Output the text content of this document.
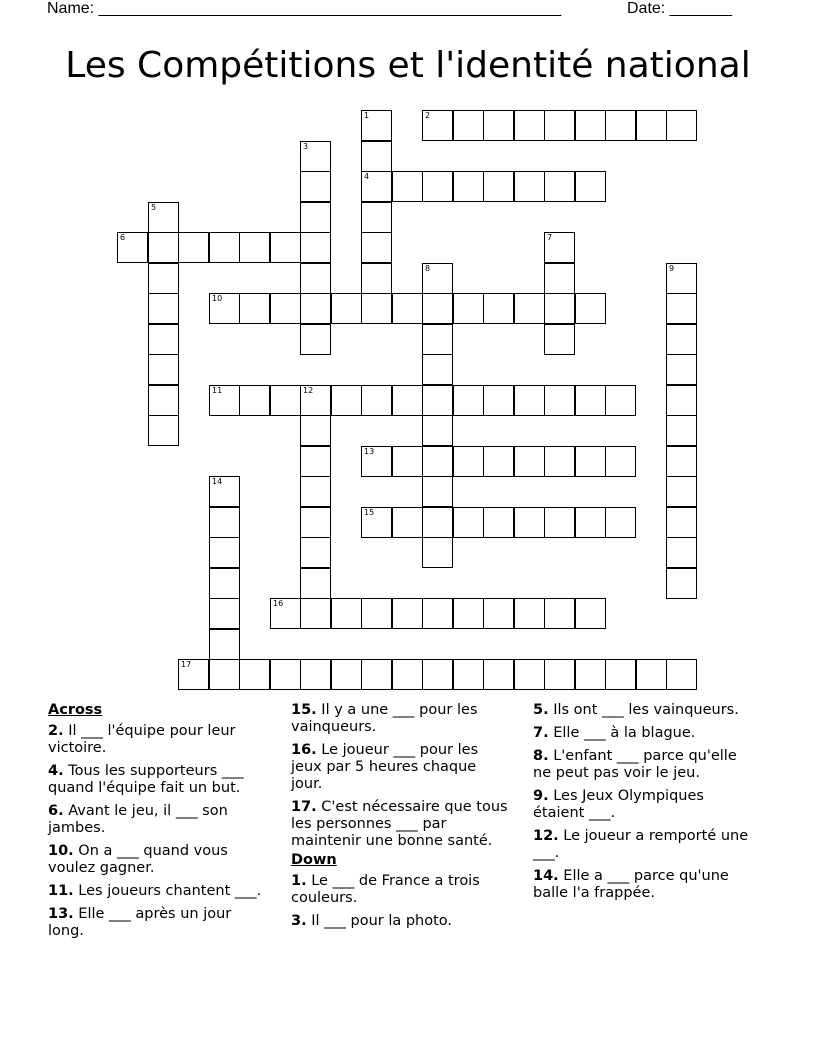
Name: ____________________________________________________	Date: _______
Les Compétitions et l'identité national
1	2
3
4
5
6	7
8	9
10
11	12
13
14
15
16
17
Across
2. Il ___ l'équipe pour leur victoire.
4. Tous les supporteurs ___ quand l'équipe fait un but.
6. Avant le jeu, il ___ son jambes.
10. On a ___ quand vous voulez gagner.
11. Les joueurs chantent ___.
13. Elle ___ après un jour long.
15. Il y a une ___ pour les vainqueurs.
16. Le joueur ___ pour les jeux par 5 heures chaque jour.
17. C'est nécessaire que tous les personnes ___ par maintenir une bonne santé.
Down
1. Le ___ de France a trois couleurs.
3. Il ___ pour la photo.
5. Ils ont ___ les vainqueurs.
7. Elle ___ à la blague.
8. L'enfant ___ parce qu'elle ne peut pas voir le jeu.
9. Les Jeux Olympiques étaient ___.
12. Le joueur a remporté une ___.
14. Elle a ___ parce qu'une balle l'a frappée.
